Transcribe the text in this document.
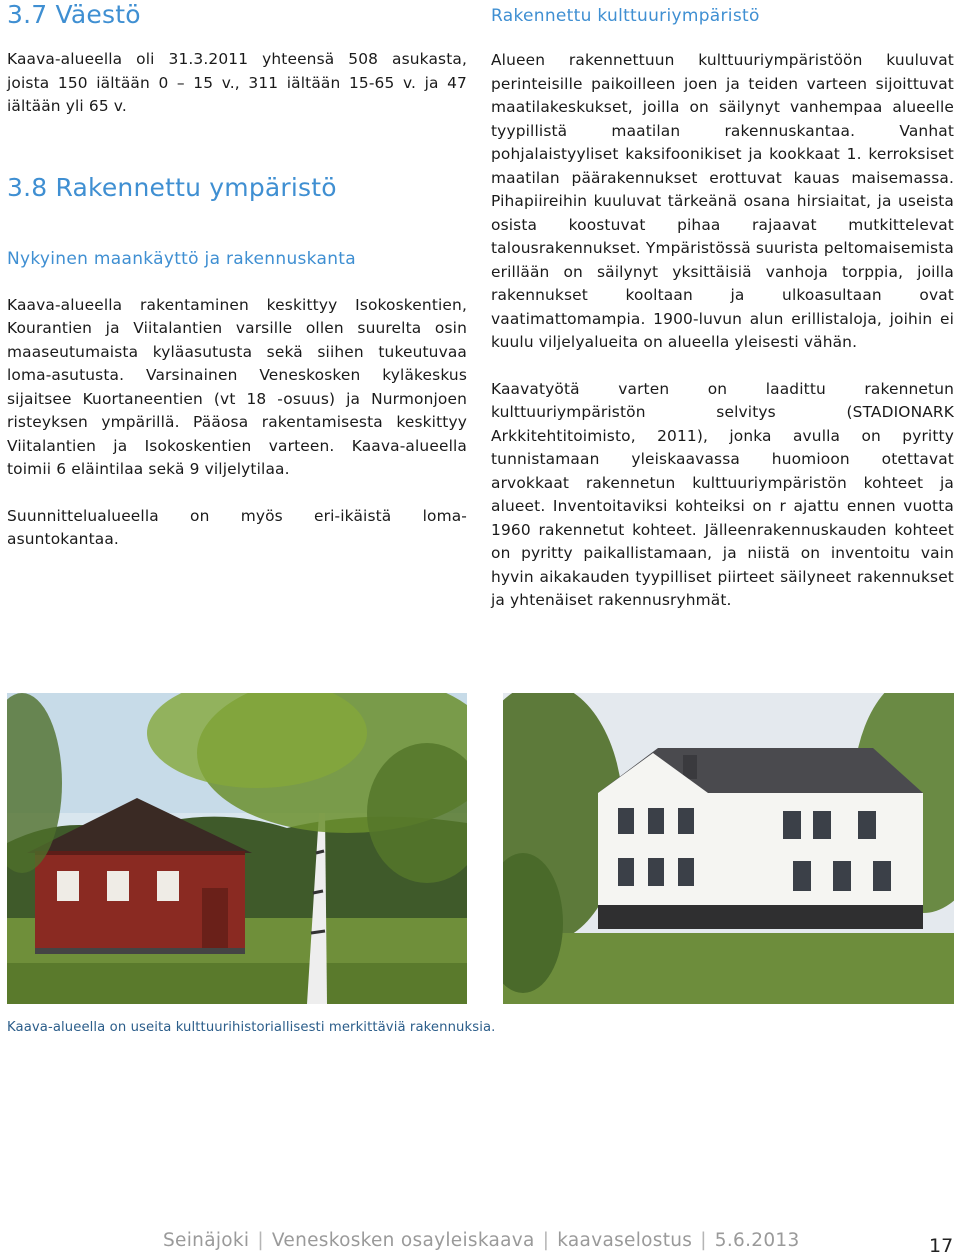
3.7 Väestö

Kaava-alueella oli 31.3.2011 yhteensä 508 asukasta, joista 150 iältään 0 – 15 v., 311 iältään 15-65 v. ja 47 iältään yli 65 v.

3.8 Rakennettu ympäristö
Nykyinen maankäyttö ja rakennuskanta

Kaava-alueella rakentaminen keskittyy Isokoskentien, Kourantien ja Viitalantien varsille ollen suurelta osin maaseutumaista kyläasutusta sekä siihen tukeutuvaa loma-asutusta. Varsinainen Veneskosken kyläkeskus sijaitsee Kuortaneentien (vt 18 -osuus) ja Nurmonjoen risteyksen ympärillä. Pääosa rakentamisesta keskittyy Viitalantien ja Isokoskentien varteen. Kaava-alueella toimii 6 eläintilaa sekä 9 viljelytilaa.

Suunnittelualueella on myös eri-ikäistä loma-asuntokantaa.

Rakennettu kulttuuriympäristö

Alueen rakennettuun kulttuuriympäristöön kuuluvat perinteisille paikoilleen joen ja teiden varteen sijoittuvat maatilakeskukset, joilla on säilynyt vanhempaa alueelle tyypillistä maatilan rakennuskantaa. Vanhat pohjalaistyyliset kaksifoonikiset ja kookkaat 1. kerroksiset maatilan päärakennukset erottuvat kauas maisemassa. Pihapiireihin kuuluvat tärkeänä osana hirsiaitat, ja useista osista koostuvat pihaa rajaavat mutkittelevat talousrakennukset. Ympäristössä suurista peltomaisemista erillään on säilynyt yksittäisiä vanhoja torppia, joilla rakennukset kooltaan ja ulkoasultaan ovat vaatimattomampia. 1900-luvun alun erillistaloja, joihin ei kuulu viljelyalueita on alueella yleisesti vähän.

Kaavatyötä varten on laadittu rakennetun kulttuuriympäristön selvitys (STADIONARK Arkkitehtitoimisto, 2011), jonka avulla on pyritty tunnistamaan yleiskaavassa huomioon otettavat arvokkaat rakennetun kulttuuriympäristön kohteet ja alueet. Inventoitaviksi kohteiksi on r ajattu ennen vuotta 1960 rakennetut kohteet. Jälleenrakennuskauden kohteet on pyritty paikallistamaan, ja niistä on inventoitu vain hyvin aikakauden tyypilliset piirteet säilyneet rakennukset ja yhtenäiset rakennusryhmät.

Kaava-alueella on useita kulttuurihistoriallisesti merkittäviä rakennuksia.
Seinäjoki | Veneskosken osayleiskaava | kaavaselostus | 5.6.2013	17
